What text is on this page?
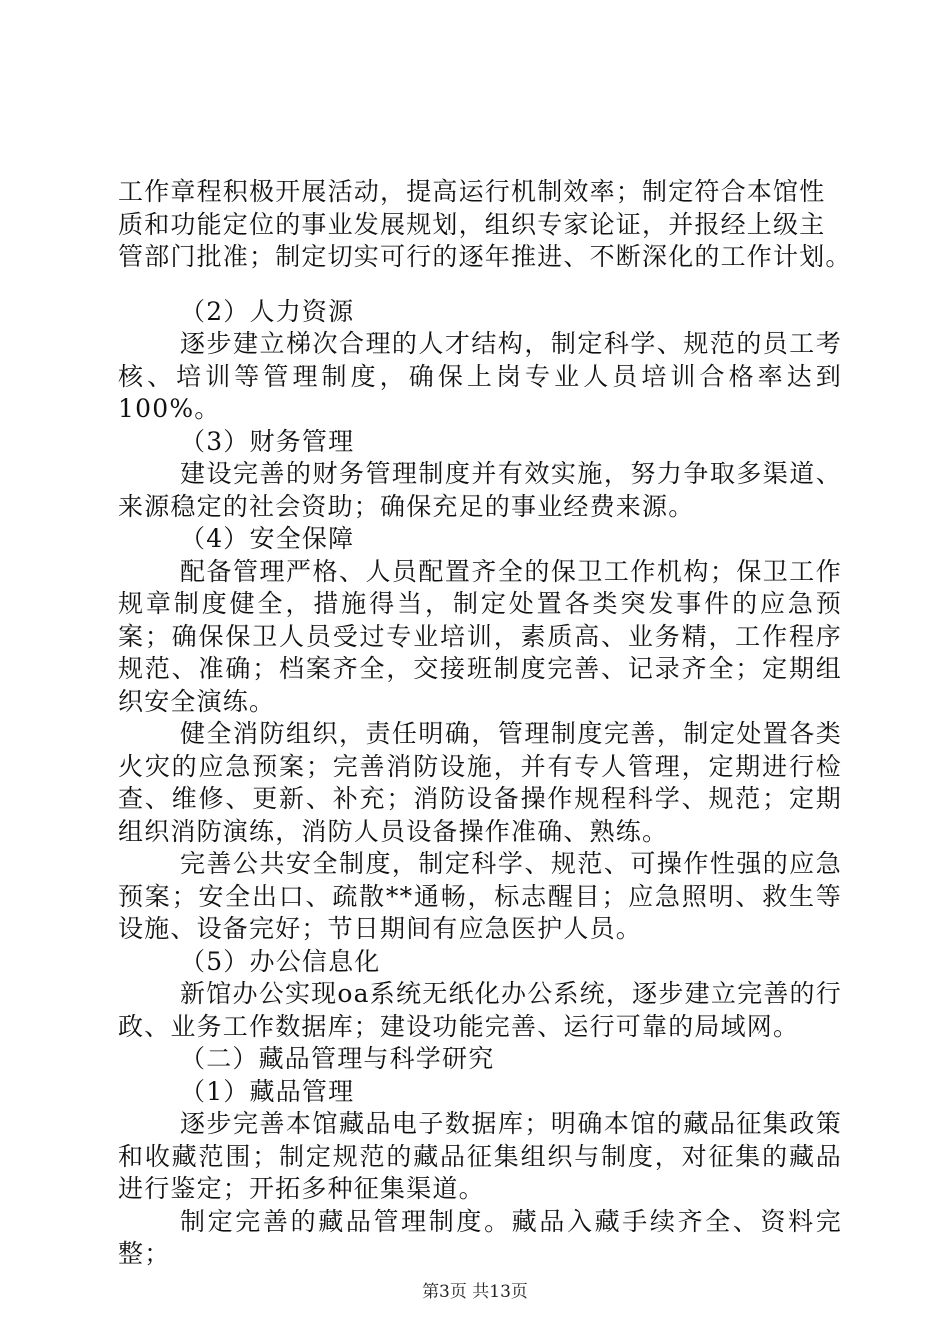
工作章程积极开展活动，提高运行机制效率；制定符合本馆性
质和功能定位的事业发展规划，组织专家论证，并报经上级主
管部门批准；制定切实可行的逐年推进、不断深化的工作计划。
（2）人力资源

逐步建立梯次合理的人才结构，制定科学、规范的员工考核、培训等管理制度，确保上岗专业人员培训合格率达到100%。

（3）财务管理

建设完善的财务管理制度并有效实施，努力争取多渠道、来源稳定的社会资助；确保充足的事业经费来源。

（4）安全保障

配备管理严格、人员配置齐全的保卫工作机构；保卫工作规章制度健全，措施得当，制定处置各类突发事件的应急预案；确保保卫人员受过专业培训，素质高、业务精，工作程序规范、准确；档案齐全，交接班制度完善、记录齐全；定期组织安全演练。

健全消防组织，责任明确，管理制度完善，制定处置各类火灾的应急预案；完善消防设施，并有专人管理，定期进行检查、维修、更新、补充；消防设备操作规程科学、规范；定期组织消防演练，消防人员设备操作准确、熟练。

完善公共安全制度，制定科学、规范、可操作性强的应急预案；安全出口、疏散**通畅，标志醒目；应急照明、救生等设施、设备完好；节日期间有应急医护人员。

（5）办公信息化

新馆办公实现oa系统无纸化办公系统，逐步建立完善的行政、业务工作数据库；建设功能完善、运行可靠的局域网。

（二）藏品管理与科学研究
（1）藏品管理

逐步完善本馆藏品电子数据库；明确本馆的藏品征集政策和收藏范围；制定规范的藏品征集组织与制度，对征集的藏品进行鉴定；开拓多种征集渠道。

制定完善的藏品管理制度。藏品入藏手续齐全、资料完整；

第3页 共13页
